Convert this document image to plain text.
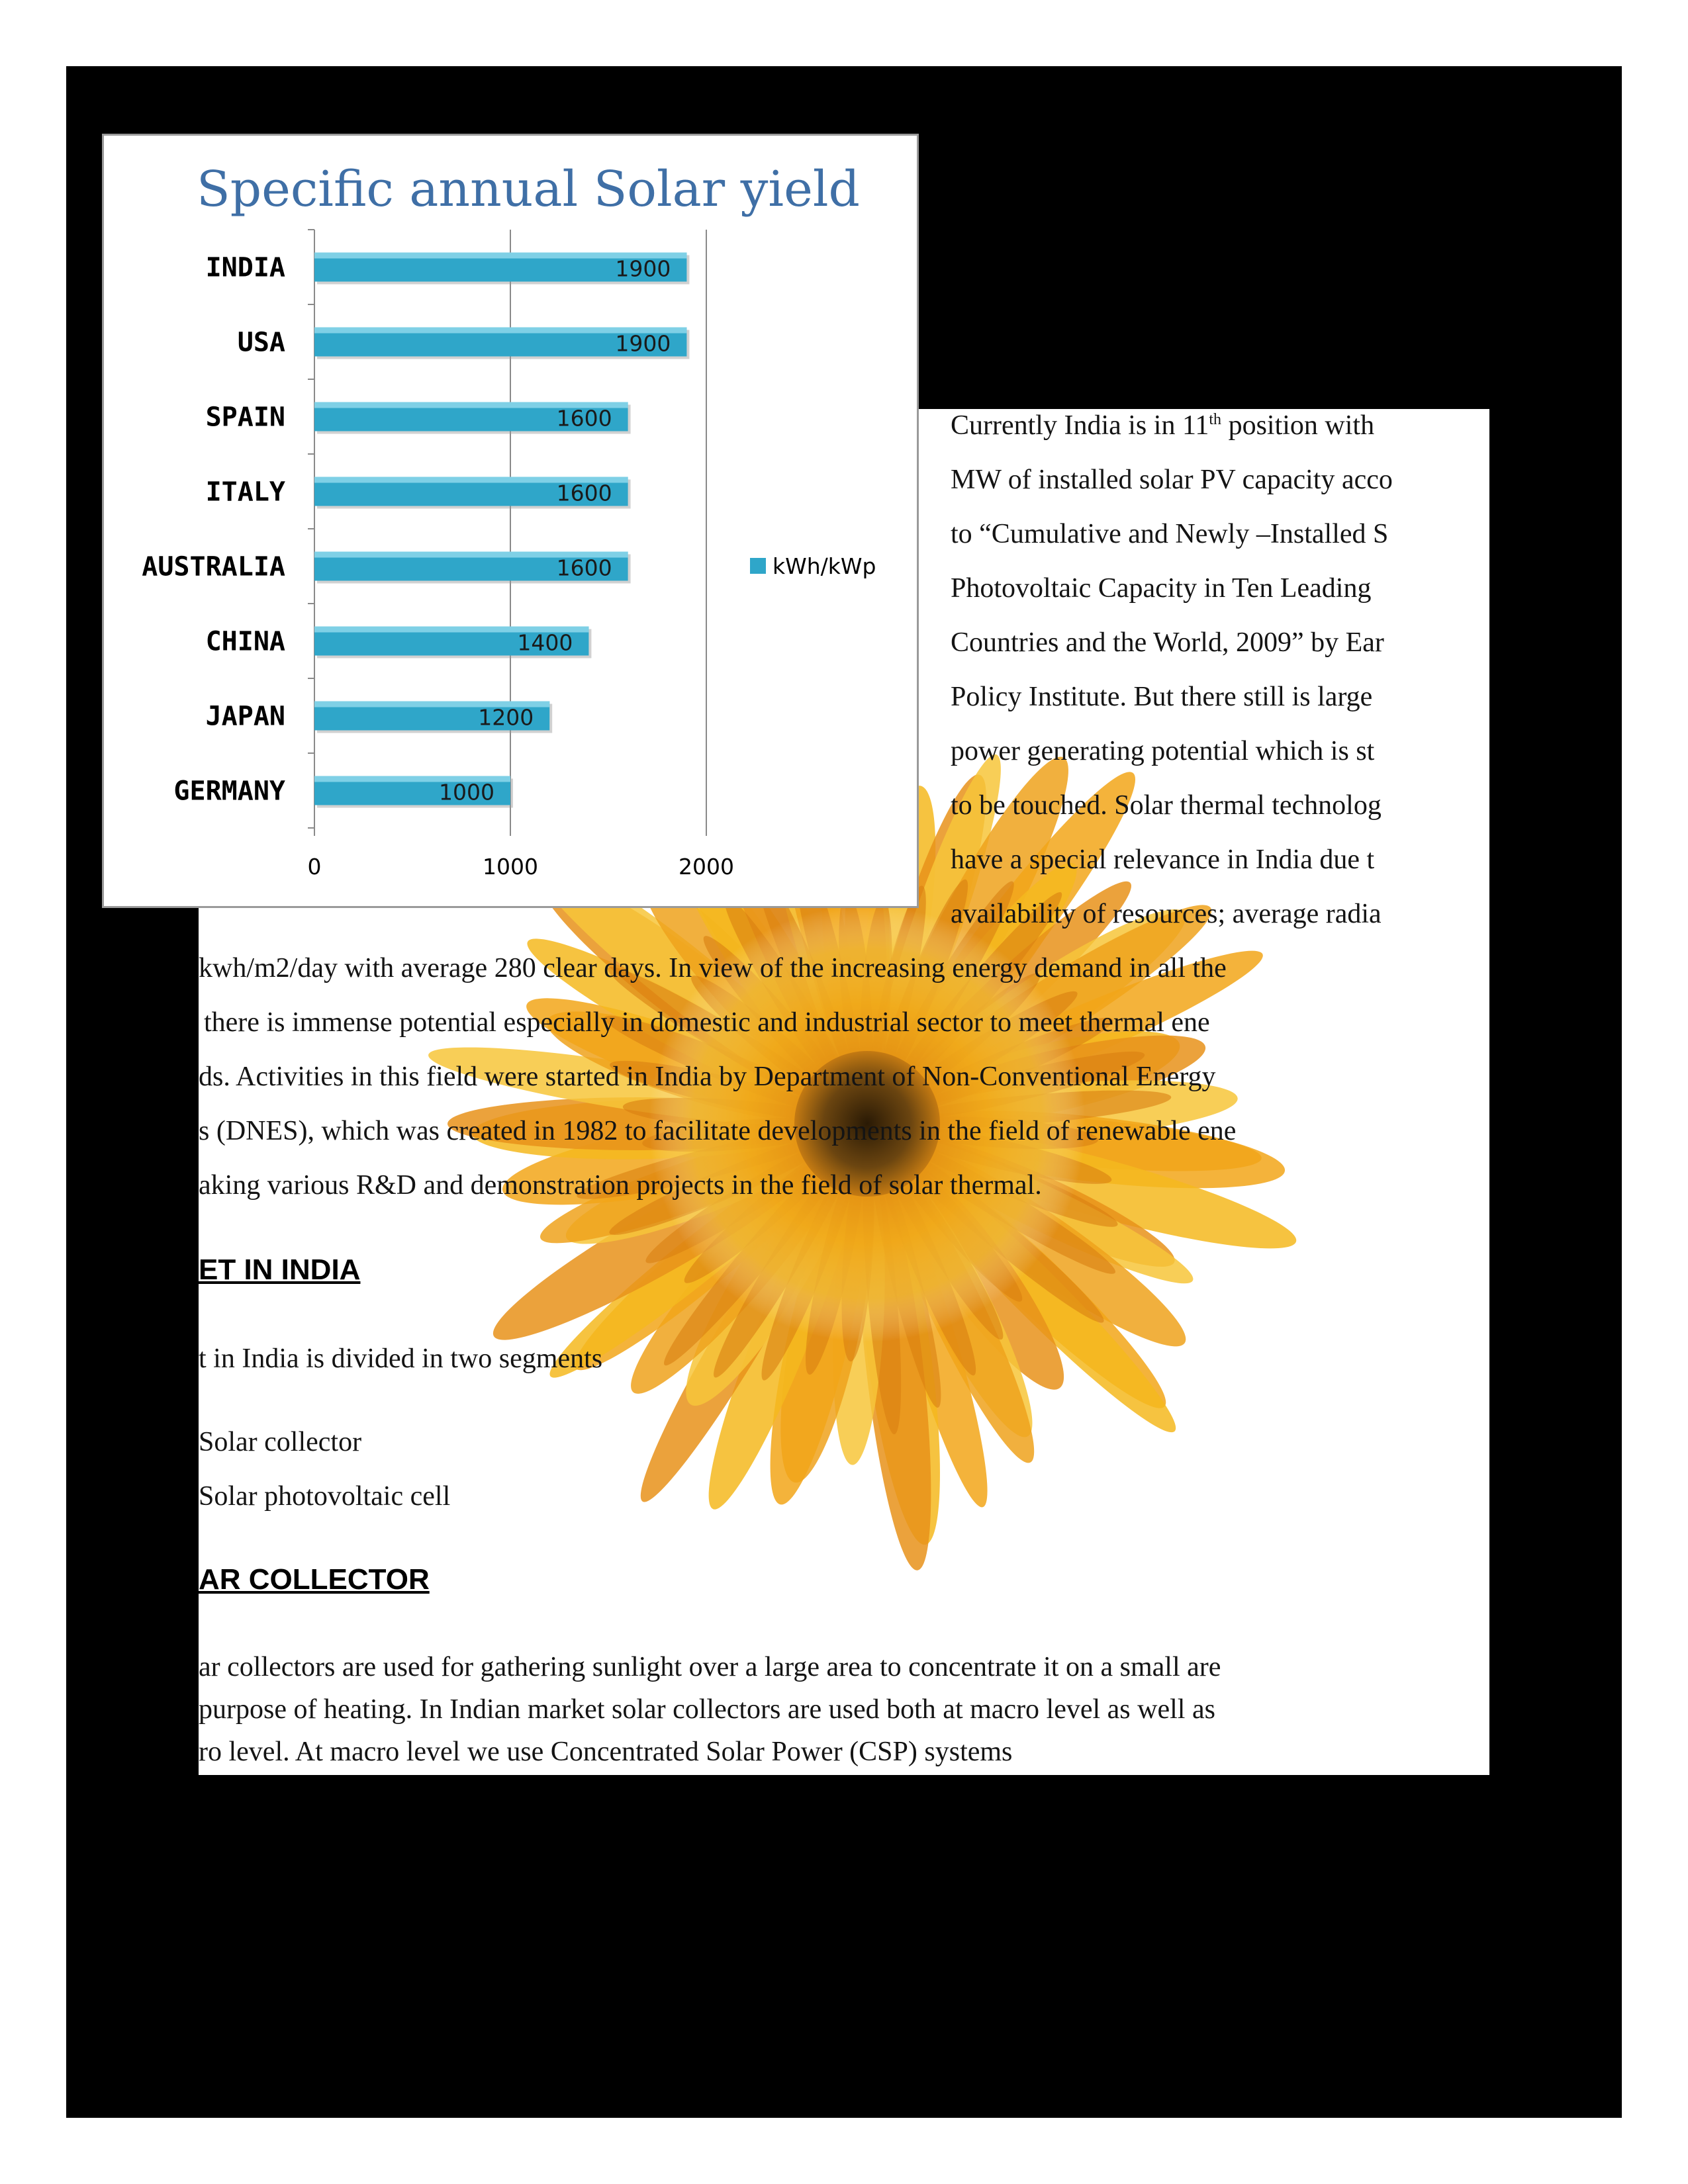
Currently India is in 11th position with

MW of installed solar PV capacity acco

to “Cumulative and Newly –Installed S

Photovoltaic Capacity in Ten Leading

Countries and the World, 2009” by Ear

Policy Institute. But there still is large

power generating potential which is st

to be touched. Solar thermal technolog

have a special relevance in India due t

availability of resources; average radia

kwh/m2/day with average 280 clear days. In view of the increasing energy demand in all the

there is immense potential especially in domestic and industrial sector to meet thermal ene

ds. Activities in this field were started in India by Department of Non-Conventional Energy

s (DNES), which was created in 1982 to facilitate developments in the field of renewable ene

aking various R&D and demonstration projects in the field of solar thermal.

ET IN INDIA

t in India is divided in two segments

Solar collector

Solar photovoltaic cell

AR COLLECTOR

ar collectors are used for gathering sunlight over a large area to concentrate it on a small are

purpose of heating. In Indian market solar collectors are used both at macro level as well as

ro level. At macro level we use Concentrated Solar Power (CSP) systems

Specific annual Solar yield
0	1000	2000
INDIA	1900
USA	1900
SPAIN	1600
ITALY	1600
AUSTRALIA	1600
CHINA	1400
JAPAN	1200
GERMANY	1000
kWh/kWp
